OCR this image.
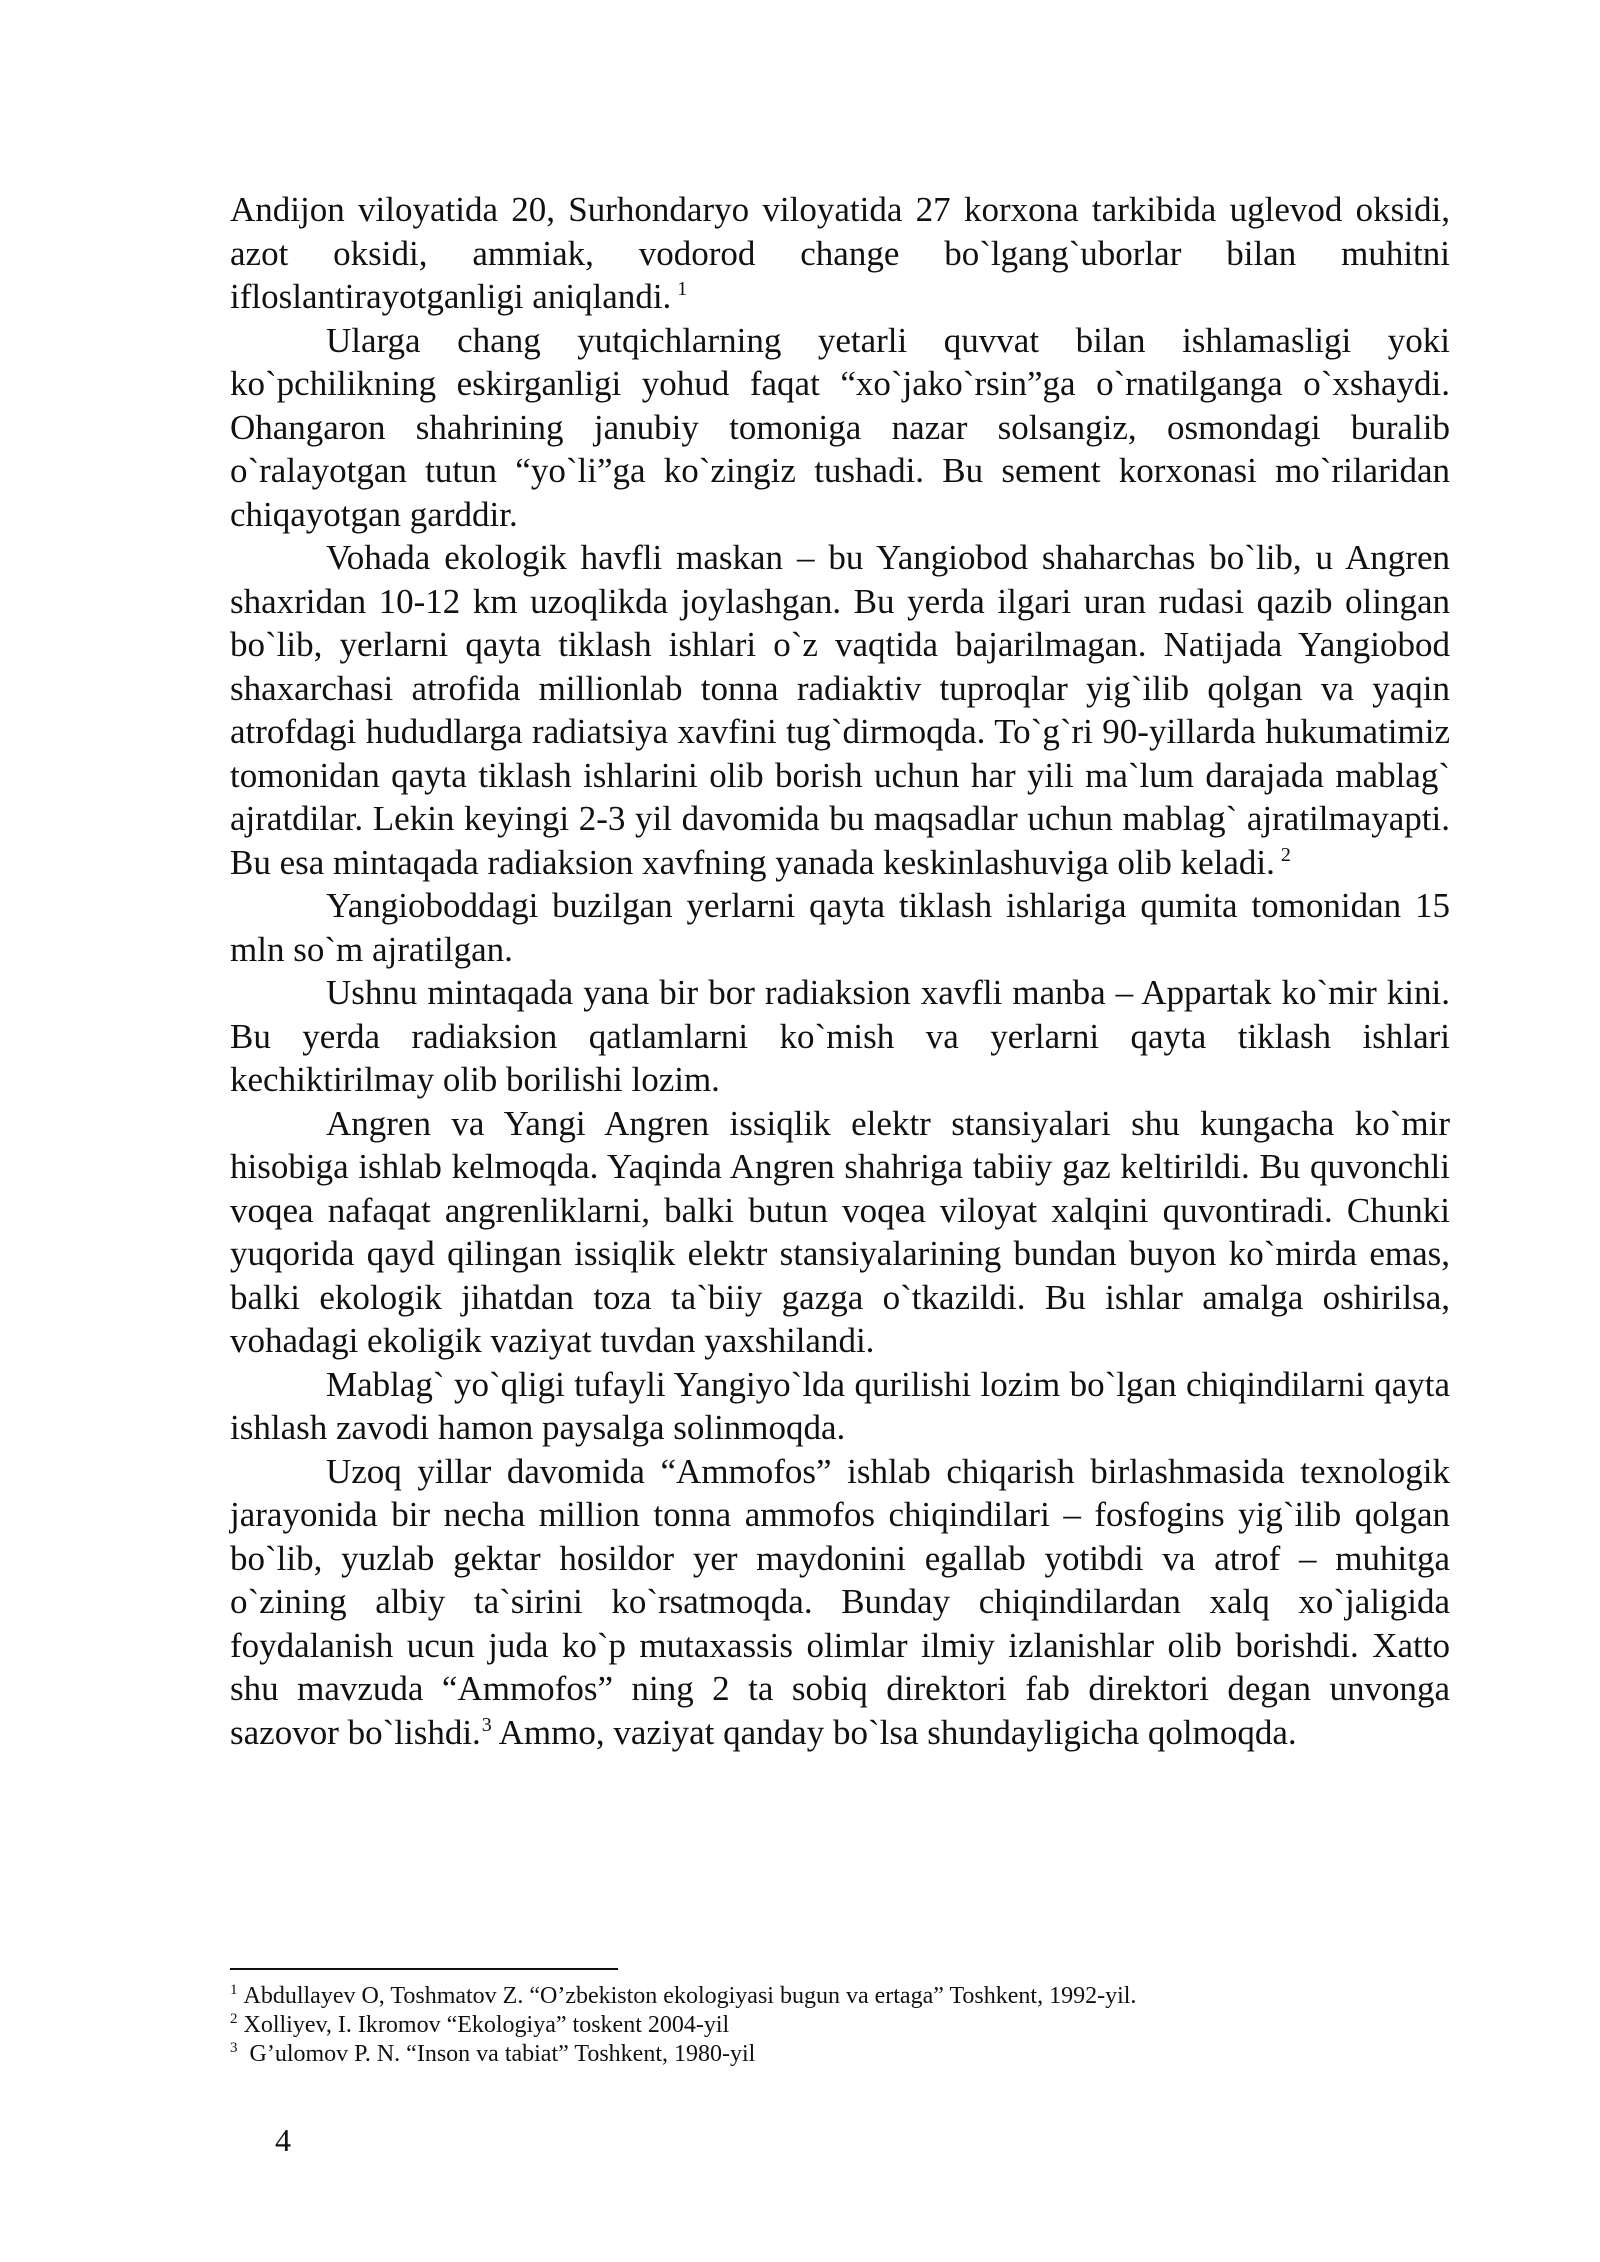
Andijon viloyatida 20, Surhondaryo viloyatida 27 korxona tarkibida uglevod oksidi, azot oksidi, ammiak, vodorod change bo`lgang`uborlar bilan muhitni ifloslantirayotganligi aniqlandi. $^1$

Ularga chang yutqichlarning yetarli quvvat bilan ishlamasligi yoki ko`pchilikning eskirganligi yohud faqat “xo`jako`rsin”ga o`rnatilganga o`xshaydi. Ohangaron shahrining janubiy tomoniga nazar solsangiz, osmondagi buralib o`ralayotgan tutun “yo`li”ga ko`zingiz tushadi. Bu sement korxonasi mo`rilaridan chiqayotgan garddir.

Vohada ekologik havfli maskan – bu Yangiobod shaharchas bo`lib, u Angren shaxridan 10-12 km uzoqlikda joylashgan. Bu yerda ilgari uran rudasi qazib olingan bo`lib, yerlarni qayta tiklash ishlari o`z vaqtida bajarilmagan. Natijada Yangiobod shaxarchasi atrofida millionlab tonna radiaktiv tuproqlar yig`ilib qolgan va yaqin atrofdagi hududlarga radiatsiya xavfini tug`dirmoqda. To`g`ri 90-yillarda hukumatimiz tomonidan qayta tiklash ishlarini olib borish uchun har yili ma`lum darajada mablag` ajratdilar. Lekin keyingi 2-3 yil davomida bu maqsadlar uchun mablag` ajratilmayapti. Bu esa mintaqada radiaksion xavfning yanada keskinlashuviga olib keladi. $^2$

Yangioboddagi buzilgan yerlarni qayta tiklash ishlariga qumita tomonidan 15 mln so`m ajratilgan.

Ushnu mintaqada yana bir bor radiaksion xavfli manba – Appartak ko`mir kini. Bu yerda radiaksion qatlamlarni ko`mish va yerlarni qayta tiklash ishlari kechiktirilmay olib borilishi lozim.

Angren va Yangi Angren issiqlik elektr stansiyalari shu kungacha ko`mir hisobiga ishlab kelmoqda. Yaqinda Angren shahriga tabiiy gaz keltirildi. Bu quvonchli voqea nafaqat angrenliklarni, balki butun voqea viloyat xalqini quvontiradi. Chunki yuqorida qayd qilingan issiqlik elektr stansiyalarining bundan buyon ko`mirda emas, balki ekologik jihatdan toza ta`biiy gazga o`tkazildi. Bu ishlar amalga oshirilsa, vohadagi ekoligik vaziyat tuvdan yaxshilandi.

Mablag` yo`qligi tufayli Yangiyo`lda qurilishi lozim bo`lgan chiqindilarni qayta ishlash zavodi hamon paysalga solinmoqda.

Uzoq yillar davomida “Ammofos” ishlab chiqarish birlashmasida texnologik jarayonida bir necha million tonna ammofos chiqindilari – fosfogins yig`ilib qolgan bo`lib, yuzlab gektar hosildor yer maydonini egallab yotibdi va atrof – muhitga o`zining albiy ta`sirini ko`rsatmoqda. Bunday chiqindilardan xalq xo`jaligida foydalanish ucun juda ko`p mutaxassis olimlar ilmiy izlanishlar olib borishdi. Xatto shu mavzuda “Ammofos” ning 2 ta sobiq direktori fab direktori degan unvonga sazovor bo`lishdi.$^3$ Ammo, vaziyat qanday bo`lsa shundayligicha qolmoqda.

$^1$ Abdullayev O, Toshmatov Z. “O’zbekiston ekologiyasi bugun va ertaga” Toshkent, 1992-yil.

$^2$ Xolliyev, I. Ikromov “Ekologiya” toskent 2004-yil

$^3$ G’ulomov P. N. “Inson va tabiat” Toshkent, 1980-yil

4
